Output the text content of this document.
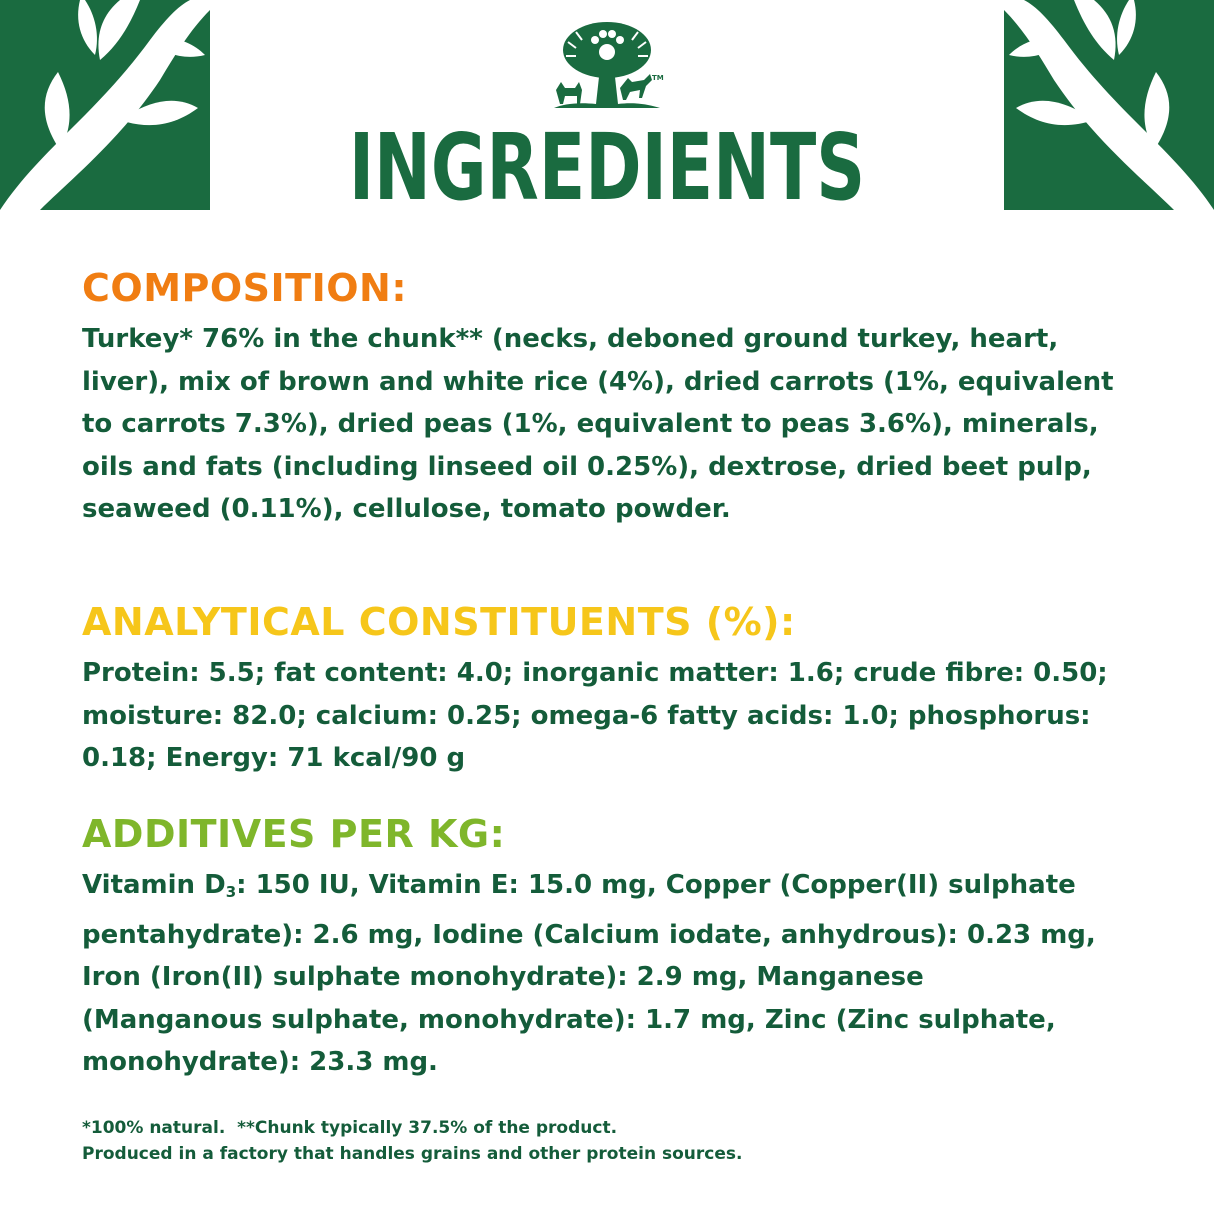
TM
INGREDIENTS
COMPOSITION:

Turkey* 76% in the chunk** (necks, deboned ground turkey, heart,
liver), mix of brown and white rice (4%), dried carrots (1%, equivalent
to carrots 7.3%), dried peas (1%, equivalent to peas 3.6%), minerals,
oils and fats (including linseed oil 0.25%), dextrose, dried beet pulp,
seaweed (0.11%), cellulose, tomato powder.

ANALYTICAL CONSTITUENTS (%):

Protein: 5.5; fat content: 4.0; inorganic matter: 1.6; crude fibre: 0.50;
moisture: 82.0; calcium: 0.25; omega-6 fatty acids: 1.0; phosphorus:
0.18; Energy: 71 kcal/90 g

ADDITIVES PER KG:

Vitamin $D_3$: 150 IU, Vitamin E: 15.0 mg, Copper (Copper(II) sulphate
pentahydrate): 2.6 mg, Iodine (Calcium iodate, anhydrous): 0.23 mg,
Iron (Iron(II) sulphate monohydrate): 2.9 mg, Manganese
(Manganous sulphate, monohydrate): 1.7 mg, Zinc (Zinc sulphate,
monohydrate): 23.3 mg.

*100% natural.  **Chunk typically 37.5% of the product.
Produced in a factory that handles grains and other protein sources.
